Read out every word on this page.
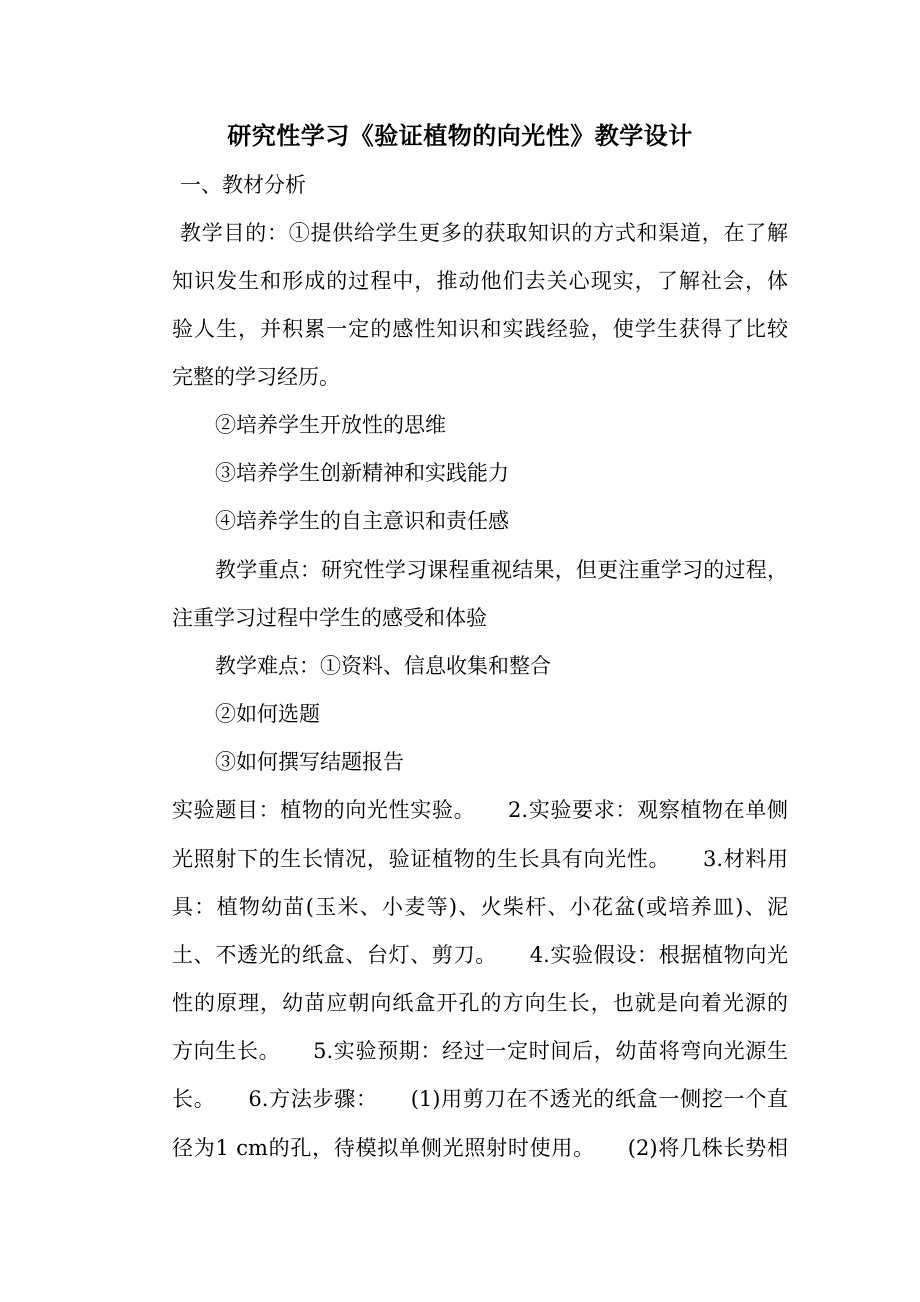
研究性学习《验证植物的向光性》教学设计
一、教材分析
教学目的：①提供给学生更多的获取知识的方式和渠道，在了解
知识发生和形成的过程中，推动他们去关心现实，了解社会，体
验人生，并积累一定的感性知识和实践经验，使学生获得了比较
完整的学习经历。
②培养学生开放性的思维
③培养学生创新精神和实践能力
④培养学生的自主意识和责任感
教学重点：研究性学习课程重视结果，但更注重学习的过程，
注重学习过程中学生的感受和体验
教学难点：①资料、信息收集和整合
②如何选题
③如何撰写结题报告
实验题目：植物的向光性实验。　　2.实验要求：观察植物在单侧
光照射下的生长情况，验证植物的生长具有向光性。　　3.材料用
具：植物幼苗(玉米、小麦等)、火柴杆、小花盆(或培养皿)、泥
土、不透光的纸盒、台灯、剪刀。　　4.实验假设：根据植物向光
性的原理，幼苗应朝向纸盒开孔的方向生长，也就是向着光源的
方向生长。　　5.实验预期：经过一定时间后，幼苗将弯向光源生
长。　　6.方法步骤：　　(1)用剪刀在不透光的纸盒一侧挖一个直
径为1 cm的孔，待模拟单侧光照射时使用。　　(2)将几株长势相
